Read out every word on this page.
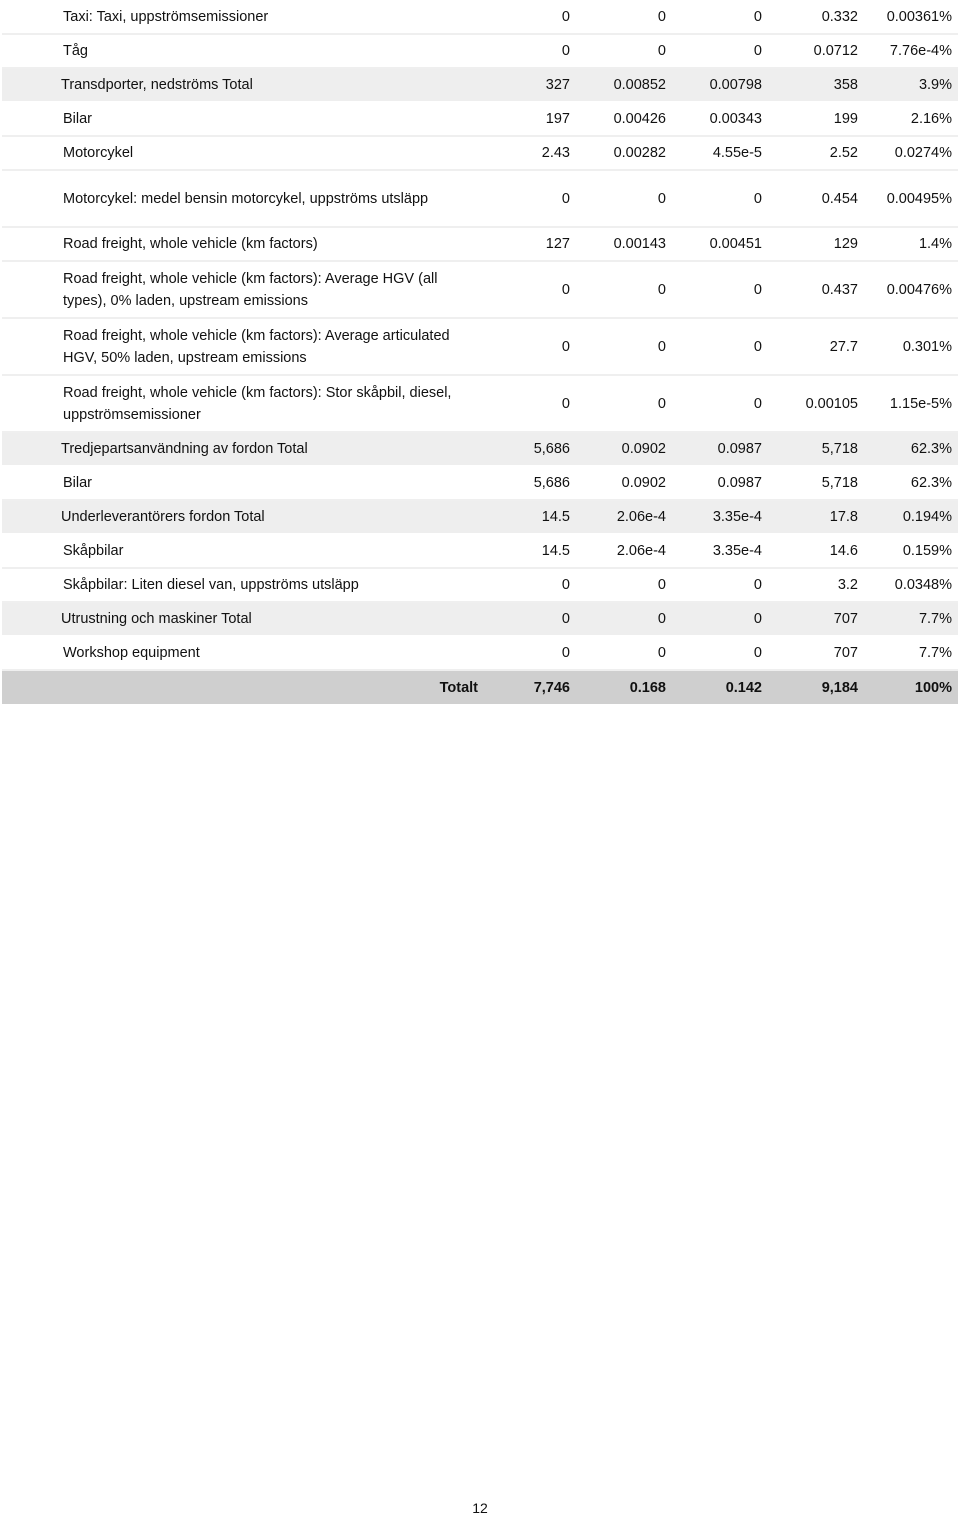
	Taxi: Taxi, uppströmsemissioner	0	0	0	0.332	0.00361%
	Tåg	0	0	0	0.0712	7.76e-4%
Transdporter, nedströms Total		327	0.00852	0.00798	358	3.9%
	Bilar	197	0.00426	0.00343	199	2.16%
	Motorcykel	2.43	0.00282	4.55e-5	2.52	0.0274%
	Motorcykel: medel bensin motorcykel, uppströms utsläpp	0	0	0	0.454	0.00495%
	Road freight, whole vehicle (km factors)	127	0.00143	0.00451	129	1.4%
	Road freight, whole vehicle (km factors): Average HGV (all types), 0% laden, upstream emissions	0	0	0	0.437	0.00476%
	Road freight, whole vehicle (km factors): Average articulated HGV, 50% laden, upstream emissions	0	0	0	27.7	0.301%
	Road freight, whole vehicle (km factors): Stor skåpbil, diesel, uppströmsemissioner	0	0	0	0.00105	1.15e-5%
Tredjepartsanvändning av fordon Total		5,686	0.0902	0.0987	5,718	62.3%
	Bilar	5,686	0.0902	0.0987	5,718	62.3%
Underleverantörers fordon Total		14.5	2.06e-4	3.35e-4	17.8	0.194%
	Skåpbilar	14.5	2.06e-4	3.35e-4	14.6	0.159%
	Skåpbilar: Liten diesel van, uppströms utsläpp	0	0	0	3.2	0.0348%
Utrustning och maskiner Total		0	0	0	707	7.7%
	Workshop equipment	0	0	0	707	7.7%
Totalt		7,746	0.168	0.142	9,184	100%
12
